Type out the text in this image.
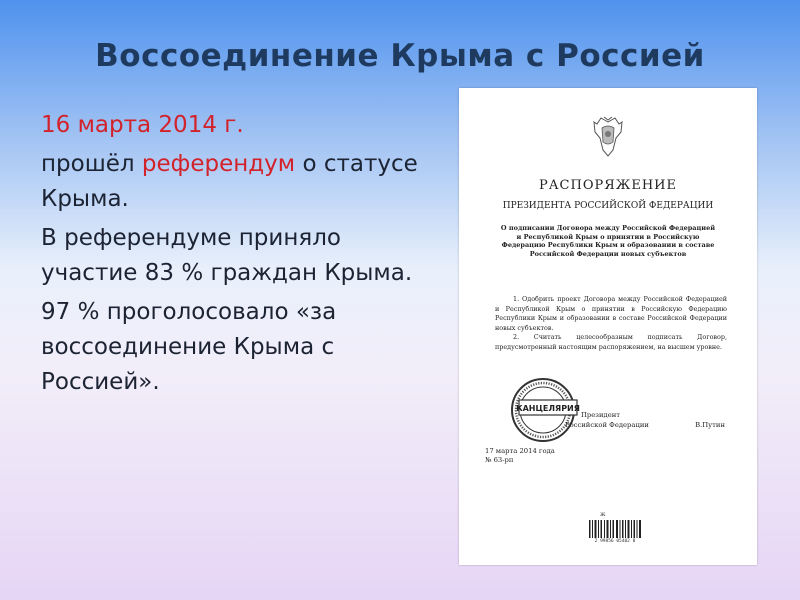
Воссоединение Крыма с Россией
16 марта 2014 г.
прошёл референдум о статусе Крыма.
В референдуме приняло участие 83 % граждан Крыма.
97 % проголосовало «за воссоединение Крыма с Россией».
РАСПОРЯЖЕНИЕ
ПРЕЗИДЕНТА РОССИЙСКОЙ ФЕДЕРАЦИИ
О подписании Договора между Российской Федерацией и Республикой Крым о принятии в Российскую Федерацию Республики Крым и образовании в составе Российской Федерации новых субъектов

1. Одобрить проект Договора между Российской Федерацией и Республикой Крым о принятии в Российскую Федерацию Республики Крым и образовании в составе Российской Федерации новых субъектов.

2. Считать целесообразным подписать Договор, предусмотренный настоящим распоряжением, на высшем уровне.

КАНЦЕЛЯРИЯ
Президент
Российской Федерации	В.Путин
17 марта 2014 года
№ 63-рп
Ж
2 99856 05402 8
